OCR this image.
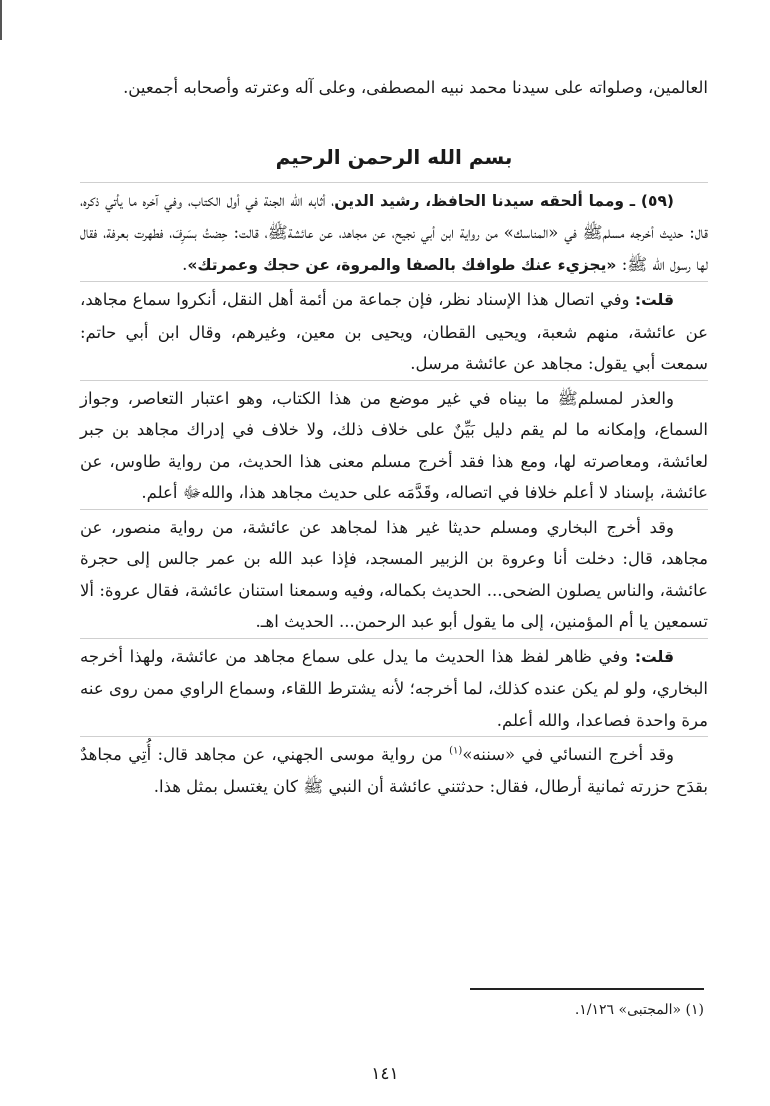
العالمين، وصلواته على سيدنا محمد نبيه المصطفى، وعلى آله وعترته وأصحابه أجمعين.

بسم الله الرحمن الرحيم

(٥٩) ـ ومما ألحقه سيدنا الحافظ، رشيد الدين، أثابه الله الجنة في أول الكتاب، وفي آخره ما يأتي ذكره، قال: حديث أخرجه مسلمﷺ في «المناسك» من رواية ابن أبي نجيح، عن مجاهد، عن عائشةﷺ، قالت: حِضتُ بسَرِفَ، فطهرت بعرفة، فقال لها رسول الله ﷺ: «يجزيء عنك طوافك بالصفا والمروة، عن حجك وعمرتك».

قلت: وفي اتصال هذا الإسناد نظر، فإن جماعة من أئمة أهل النقل، أنكروا سماع مجاهد، عن عائشة، منهم شعبة، ويحيى القطان، ويحيى بن معين، وغيرهم، وقال ابن أبي حاتم: سمعت أبي يقول: مجاهد عن عائشة مرسل.

والعذر لمسلمﷺ ما بيناه في غير موضع من هذا الكتاب، وهو اعتبار التعاصر، وجواز السماع، وإمكانه ما لم يقم دليل بَيِّنٌ على خلاف ذلك، ولا خلاف في إدراك مجاهد بن جبر لعائشة، ومعاصرته لها، ومع هذا فقد أخرج مسلم معنى هذا الحديث، من رواية طاوس، عن عائشة، بإسناد لا أعلم خلافا في اتصاله، وقَدَّمَه على حديث مجاهد هذا، واللهﷻ أعلم.

وقد أخرج البخاري ومسلم حديثا غير هذا لمجاهد عن عائشة، من رواية منصور، عن مجاهد، قال: دخلت أنا وعروة بن الزبير المسجد، فإذا عبد الله بن عمر جالس إلى حجرة عائشة، والناس يصلون الضحى... الحديث بكماله، وفيه وسمعنا استنان عائشة، فقال عروة: ألا تسمعين يا أم المؤمنين، إلى ما يقول أبو عبد الرحمن... الحديث اهـ.

قلت: وفي ظاهر لفظ هذا الحديث ما يدل على سماع مجاهد من عائشة، ولهذا أخرجه البخاري، ولو لم يكن عنده كذلك، لما أخرجه؛ لأنه يشترط اللقاء، وسماع الراوي ممن روى عنه مرة واحدة فصاعدا، والله أعلم.

وقد أخرج النسائي في «سننه»$^{(١)}$ من رواية موسى الجهني، عن مجاهد قال: أُتِي مجاهدٌ بقدَح حزرته ثمانية أرطال، فقال: حدثتني عائشة أن النبي ﷺ كان يغتسل بمثل هذا.

(١) «المجتبى» ١/١٢٦.
١٤١
